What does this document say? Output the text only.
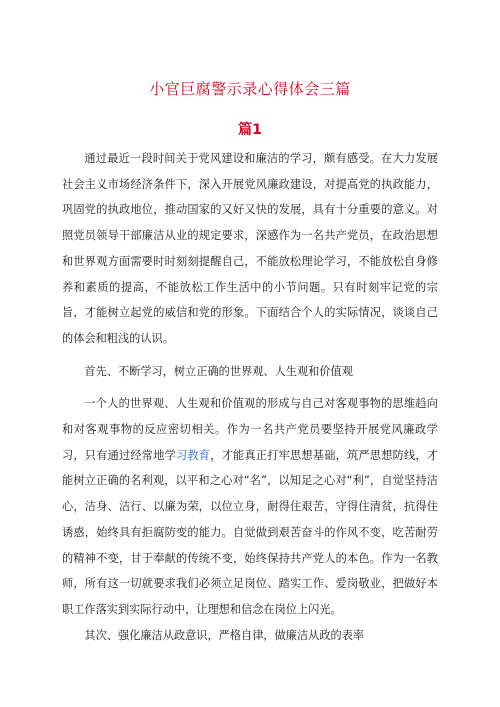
小官巨腐警示录心得体会三篇
篇1

通过最近一段时间关于党风建设和廉洁的学习，颇有感受。在大力发展社会主义市场经济条件下，深入开展党风廉政建设，对提高党的执政能力，巩固党的执政地位，推动国家的又好又快的发展，具有十分重要的意义。对照党员领导干部廉洁从业的规定要求，深感作为一名共产党员，在政治思想和世界观方面需要时时刻刻提醒自己，不能放松理论学习，不能放松自身修养和素质的提高，不能放松工作生活中的小节问题。只有时刻牢记党的宗旨，才能树立起党的威信和党的形象。下面结合个人的实际情况，谈谈自己的体会和粗浅的认识。

首先、不断学习，树立正确的世界观、人生观和价值观

一个人的世界观、人生观和价值观的形成与自己对客观事物的思维趋向和对客观事物的反应密切相关。作为一名共产党员要坚持开展党风廉政学习，只有通过经常地学习教育，才能真正打牢思想基础，筑严思想防线，才能树立正确的名利观，以平和之心对“名”，以知足之心对“利”，自觉坚持洁心，洁身、洁行、以廉为荣，以位立身，耐得住艰苦，守得住清贫，抗得住诱惑，始终具有拒腐防变的能力。自觉做到艰苦奋斗的作风不变，吃苦耐劳的精神不变，甘于奉献的传统不变，始终保持共产党人的本色。作为一名教师，所有这一切就要求我们必须立足岗位、踏实工作、爱岗敬业，把做好本职工作落实到实际行动中，让理想和信念在岗位上闪光。

其次、强化廉洁从政意识，严格自律，做廉洁从政的表率
